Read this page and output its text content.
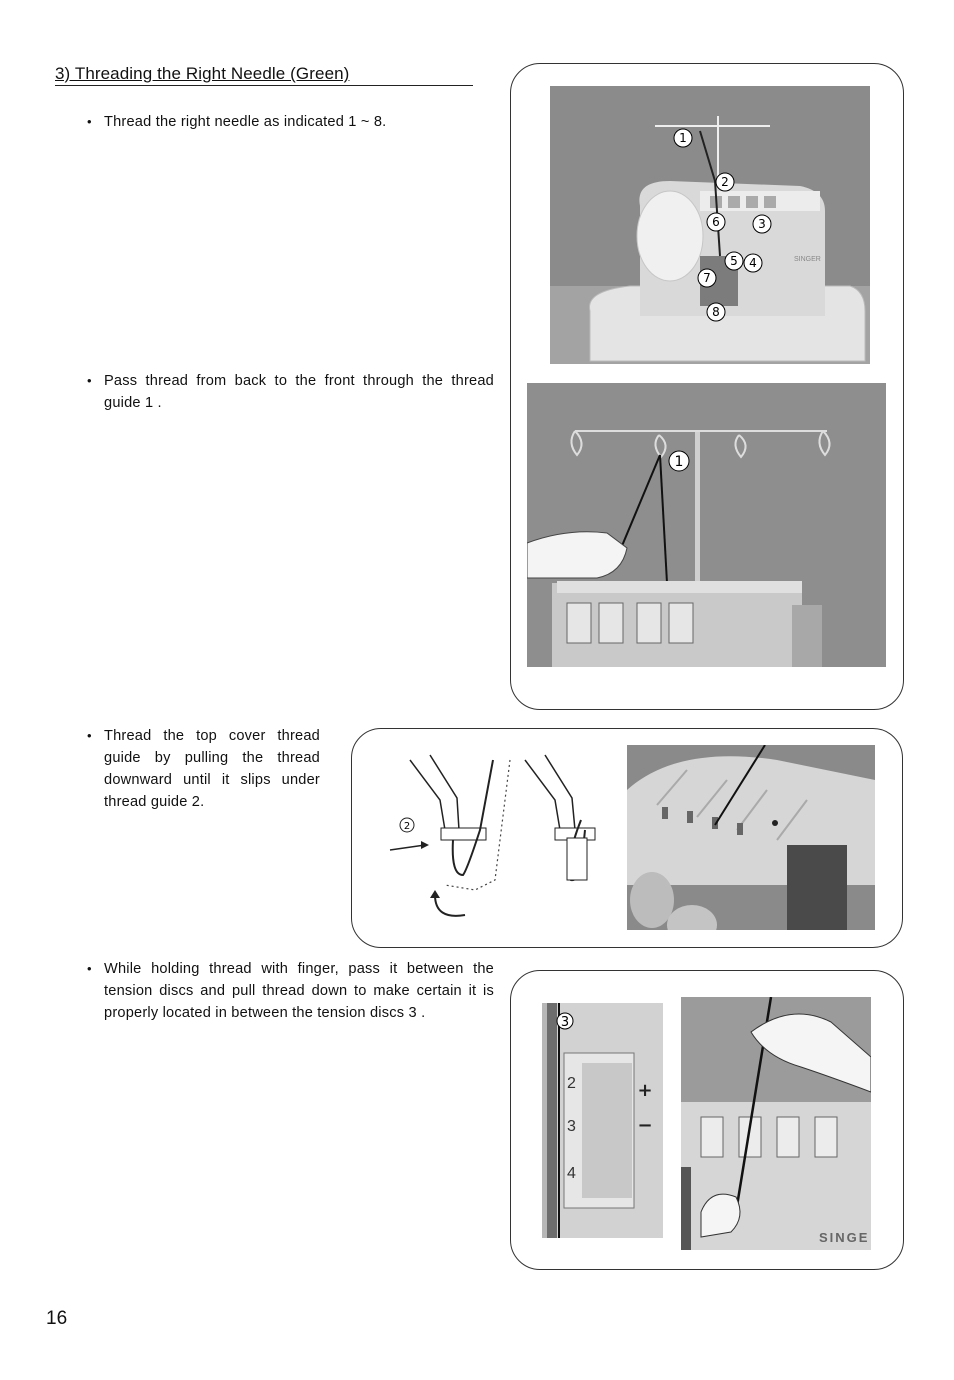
3) Threading the Right Needle (Green)
• Thread the right needle as indicated 1 ~ 8.
• Pass thread from back to the front through the thread guide 1 .
• Thread the top cover thread guide by pulling the thread downward until it slips under thread guide 2.
• While holding thread with finger, pass it between the tension discs and pull thread down to make certain it is properly located in between the tension discs 3 .
SINGER
1
2
3
4
5
6
7
8
1
2
3
2
3
4
+
−
SINGE
16
